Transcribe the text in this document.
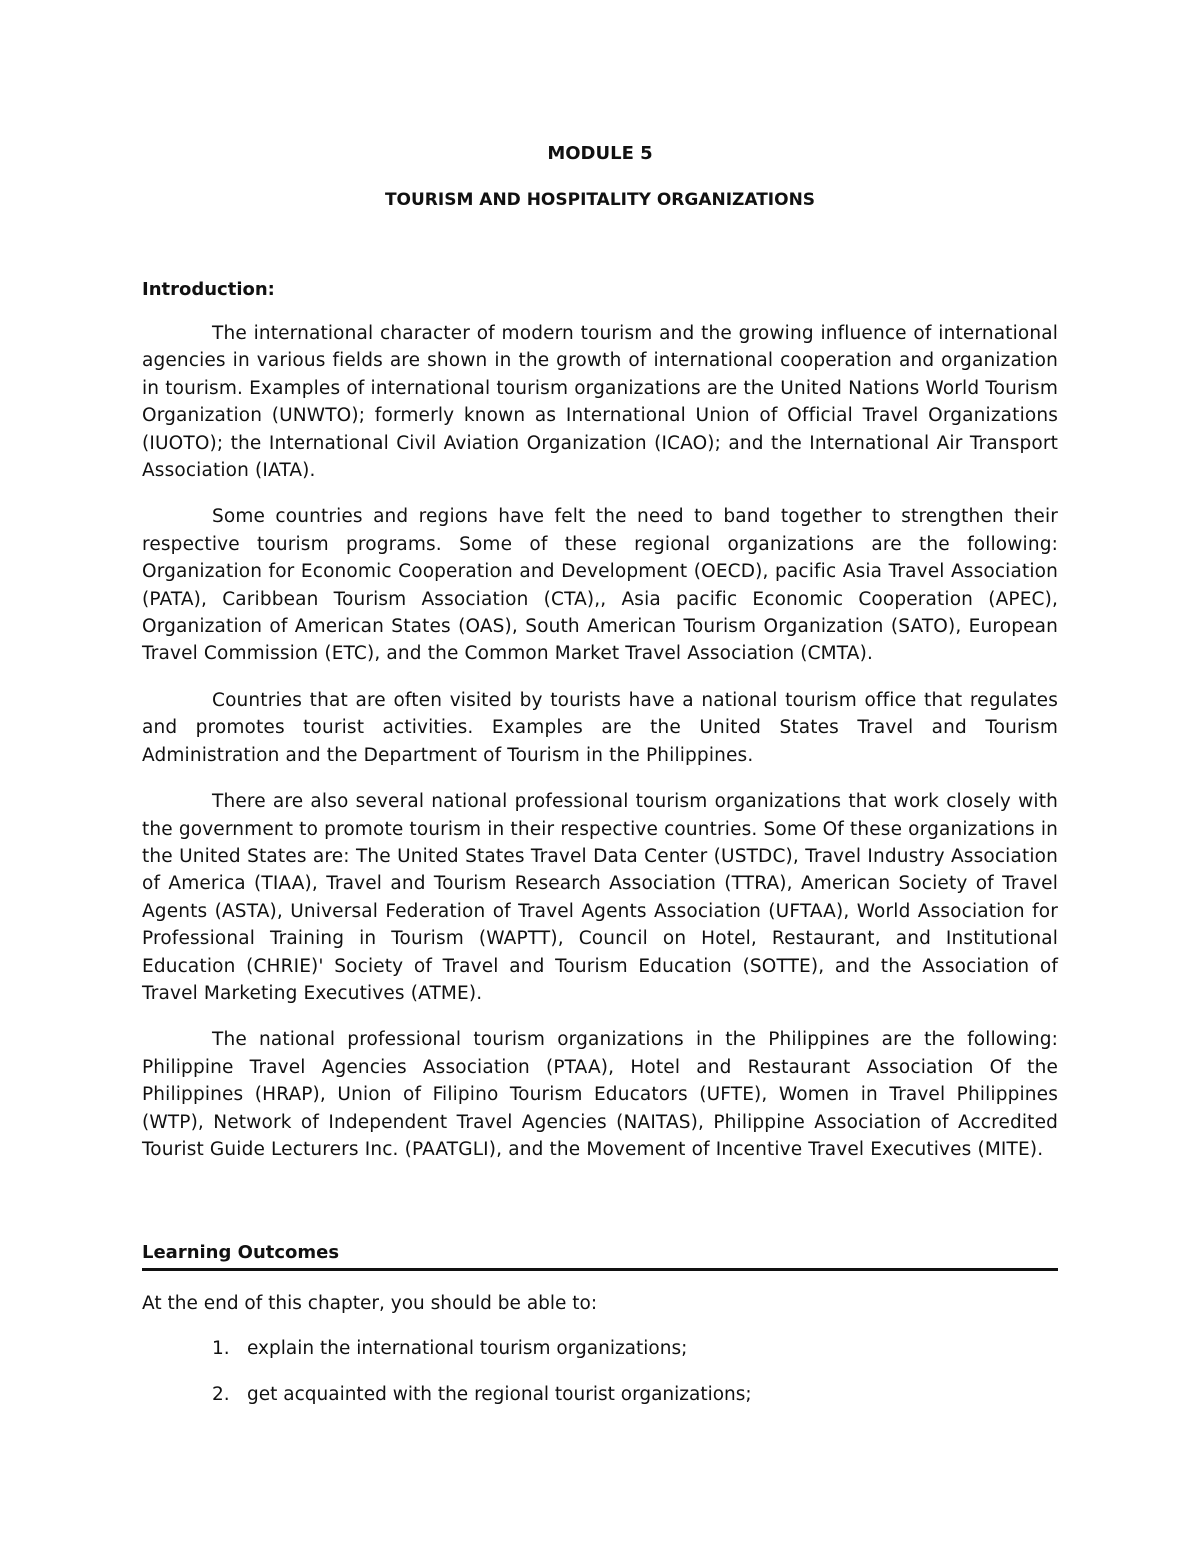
MODULE 5
TOURISM AND HOSPITALITY ORGANIZATIONS
Introduction:

The international character of modern tourism and the growing influence of international agencies in various fields are shown in the growth of international cooperation and organization in tourism. Examples of international tourism organizations are the United Nations World Tourism Organization (UNWTO); formerly known as International Union of Official Travel Organizations (IUOTO); the International Civil Aviation Organization (ICAO); and the International Air Transport Association (IATA).

Some countries and regions have felt the need to band together to strengthen their respective tourism programs. Some of these regional organizations are the following: Organization for Economic Cooperation and Development (OECD), pacific Asia Travel Association (PATA), Caribbean Tourism Association (CTA),, Asia pacific Economic Cooperation (APEC), Organization of American States (OAS), South American Tourism Organization (SATO), European Travel Commission (ETC), and the Common Market Travel Association (CMTA).

Countries that are often visited by tourists have a national tourism office that regulates and promotes tourist activities. Examples are the United States Travel and Tourism Administration and the Department of Tourism in the Philippines.

There are also several national professional tourism organizations that work closely with the government to promote tourism in their respective countries. Some Of these organizations in the United States are: The United States Travel Data Center (USTDC), Travel Industry Association of America (TIAA), Travel and Tourism Research Association (TTRA), American Society of Travel Agents (ASTA), Universal Federation of Travel Agents Association (UFTAA), World Association for Professional Training in Tourism (WAPTT), Council on Hotel, Restaurant, and Institutional Education (CHRIE)' Society of Travel and Tourism Education (SOTTE), and the Association of Travel Marketing Executives (ATME).

The national professional tourism organizations in the Philippines are the following: Philippine Travel Agencies Association (PTAA), Hotel and Restaurant Association Of the Philippines (HRAP), Union of Filipino Tourism Educators (UFTE), Women in Travel Philippines (WTP), Network of Independent Travel Agencies (NAITAS), Philippine Association of Accredited Tourist Guide Lecturers Inc. (PAATGLI), and the Movement of Incentive Travel Executives (MITE).

Learning Outcomes
At the end of this chapter, you should be able to:
1. explain the international tourism organizations;
2. get acquainted with the regional tourist organizations;
